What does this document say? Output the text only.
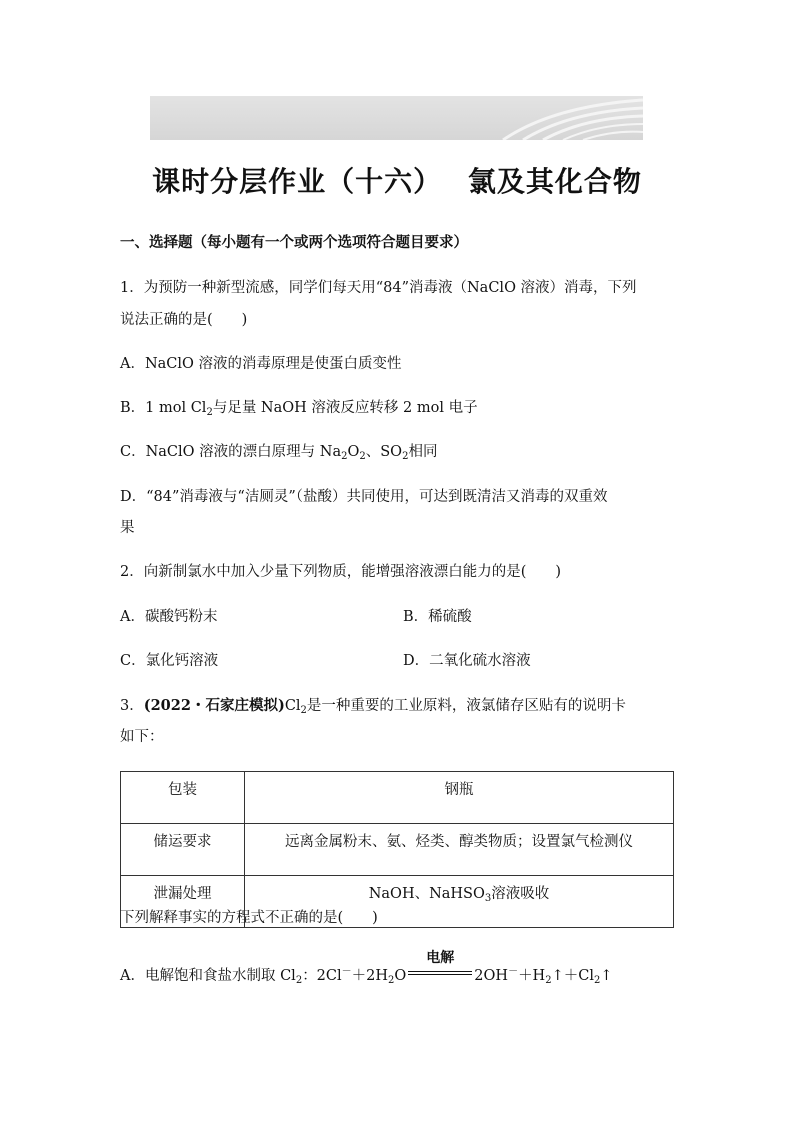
课时分层作业（十六）　 氯及其化合物
一、选择题（每小题有一个或两个选项符合题目要求）
1．为预防一种新型流感，同学们每天用“84”消毒液（NaClO 溶液）消毒，下列
说法正确的是(　　)
A．NaClO 溶液的消毒原理是使蛋白质变性
B．1 mol $Cl_2$与足量 NaOH 溶液反应转移 2 mol 电子
C．NaClO 溶液的漂白原理与 $Na_2O_2$、$SO_2$相同
D．“84”消毒液与“洁厕灵”（盐酸）共同使用，可达到既清洁又消毒的双重效
果
2．向新制氯水中加入少量下列物质，能增强溶液漂白能力的是(　　)
A．碳酸钙粉末	B．稀硫酸
C．氯化钙溶液	D．二氧化硫水溶液
3．(2022・石家庄模拟)$Cl_2$是一种重要的工业原料，液氯储存区贴有的说明卡
如下：
包装	钢瓶
储运要求	远离金属粉末、氨、烃类、醇类物质；设置氯气检测仪
泄漏处理	NaOH、NaHSO$_3$溶液吸收
下列解释事实的方程式不正确的是(　　)
A．电解饱和食盐水制取 $Cl_2$：$2Cl^-+2H_2O$
电解
$2OH^-+H_2↑+Cl_2↑$
